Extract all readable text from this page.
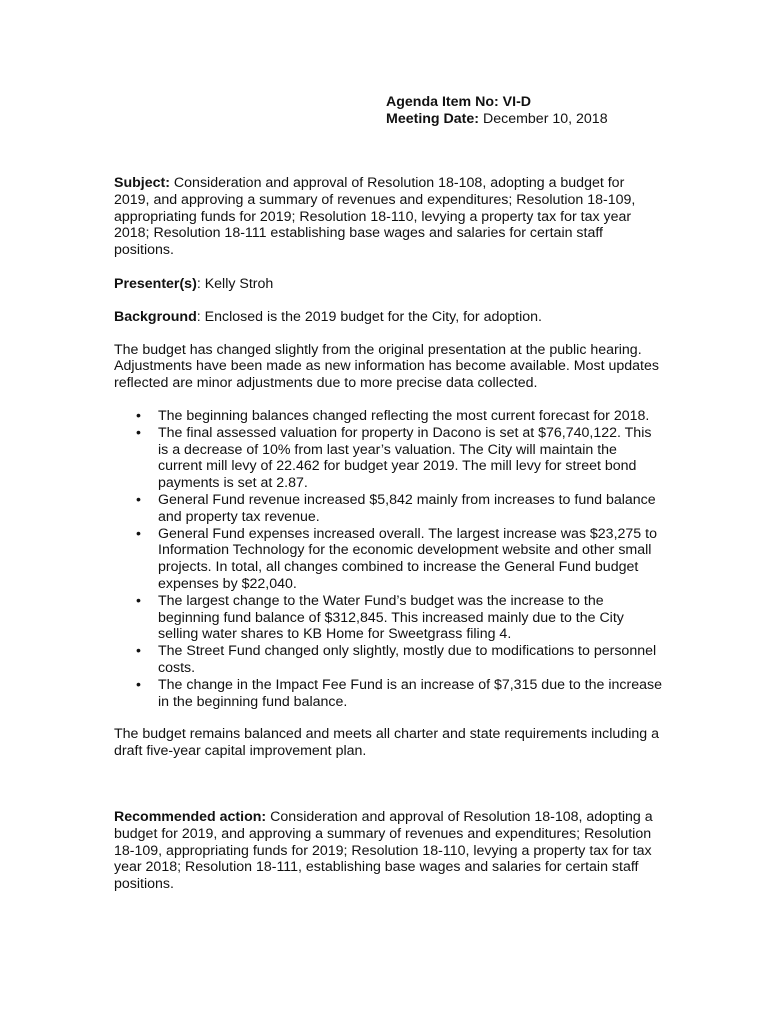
Agenda Item No: VI-D
Meeting Date: December 10, 2018

Subject: Consideration and approval of Resolution 18-108, adopting a budget for 2019, and approving a summary of revenues and expenditures; Resolution 18-109, appropriating funds for 2019; Resolution 18-110, levying a property tax for tax year 2018; Resolution 18-111 establishing base wages and salaries for certain staff positions.

Presenter(s): Kelly Stroh

Background: Enclosed is the 2019 budget for the City, for adoption.

The budget has changed slightly from the original presentation at the public hearing. Adjustments have been made as new information has become available. Most updates reflected are minor adjustments due to more precise data collected.

• The beginning balances changed reflecting the most current forecast for 2018.
• The final assessed valuation for property in Dacono is set at $76,740,122. This is a decrease of 10% from last year’s valuation. The City will maintain the current mill levy of 22.462 for budget year 2019. The mill levy for street bond payments is set at 2.87.
• General Fund revenue increased $5,842 mainly from increases to fund balance and property tax revenue.
• General Fund expenses increased overall. The largest increase was $23,275 to Information Technology for the economic development website and other small projects. In total, all changes combined to increase the General Fund budget expenses by $22,040.
• The largest change to the Water Fund’s budget was the increase to the beginning fund balance of $312,845. This increased mainly due to the City selling water shares to KB Home for Sweetgrass filing 4.
• The Street Fund changed only slightly, mostly due to modifications to personnel costs.
• The change in the Impact Fee Fund is an increase of $7,315 due to the increase in the beginning fund balance.

The budget remains balanced and meets all charter and state requirements including a draft five-year capital improvement plan.

Recommended action: Consideration and approval of Resolution 18-108, adopting a budget for 2019, and approving a summary of revenues and expenditures; Resolution 18-109, appropriating funds for 2019; Resolution 18-110, levying a property tax for tax year 2018; Resolution 18-111, establishing base wages and salaries for certain staff positions.
